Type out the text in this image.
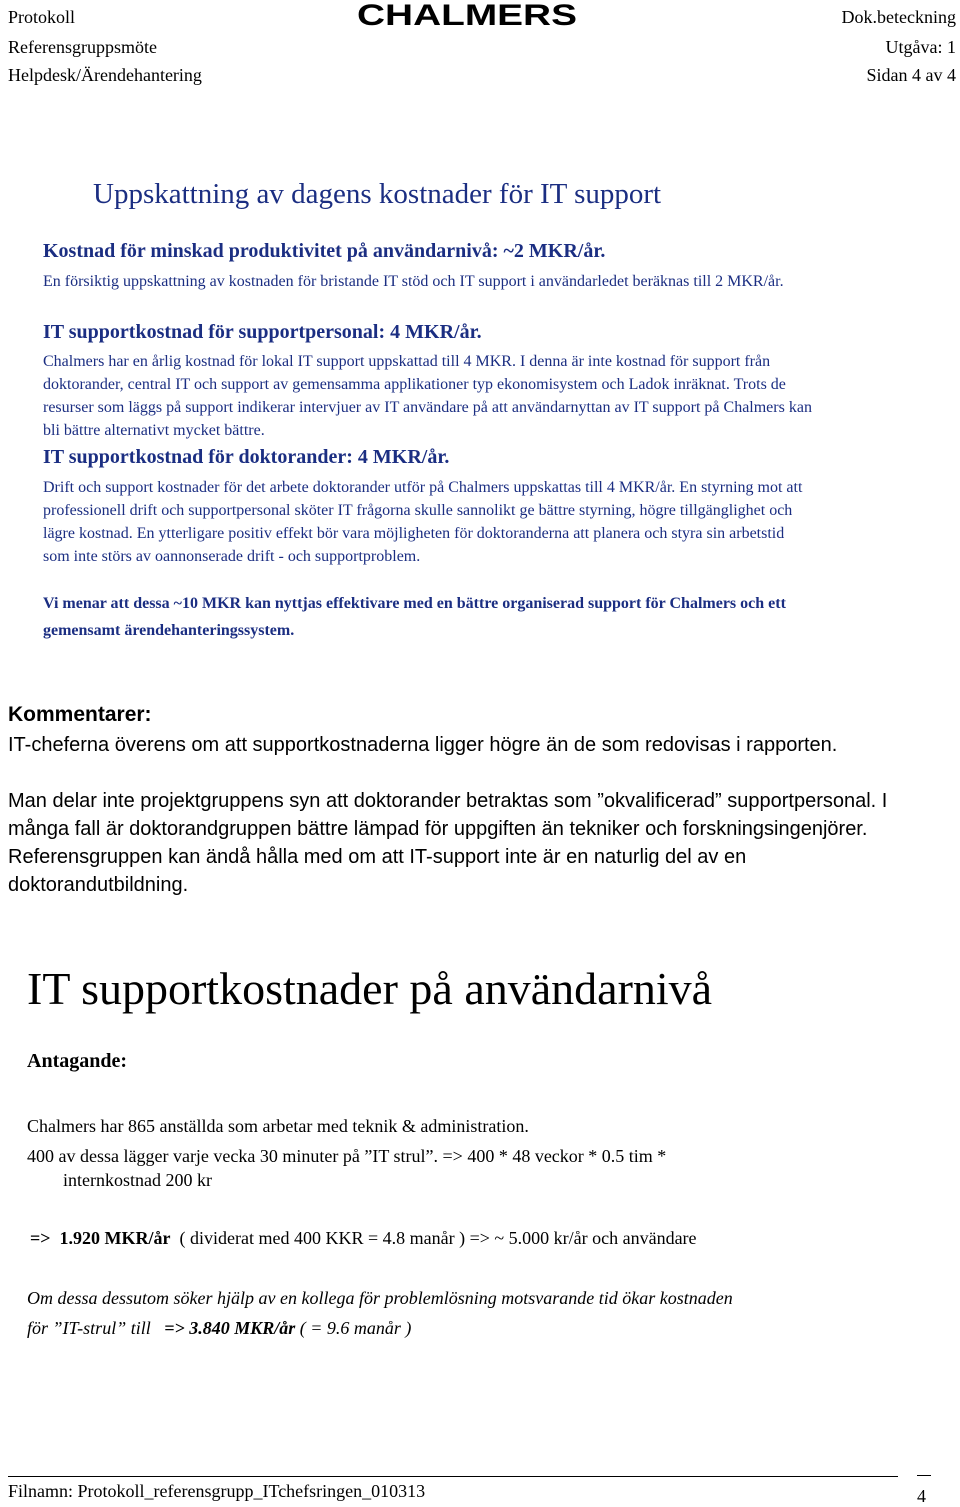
Protokoll
Referensgruppsmöte
Helpdesk/Ärendehantering
CHALMERS	Dok.beteckning
Utgåva: 1
Sidan 4 av 4
Uppskattning av dagens kostnader för IT support
Kostnad för minskad produktivitet på användarnivå: ~2 MKR/år.
En försiktig uppskattning av kostnaden för bristande IT stöd och IT support i användarledet beräknas till 2 MKR/år.
IT supportkostnad för supportpersonal: 4 MKR/år.
Chalmers har en årlig kostnad för lokal IT support uppskattad till 4 MKR. I denna är inte kostnad för support från doktorander, central IT och support av gemensamma applikationer typ ekonomisystem och Ladok inräknat. Trots de resurser som läggs på support indikerar intervjuer av IT användare på att användarnyttan av IT support på Chalmers kan bli bättre alternativt mycket bättre.
IT supportkostnad för doktorander: 4 MKR/år.
Drift och support kostnader för det arbete doktorander utför på Chalmers uppskattas till 4 MKR/år. En styrning mot att professionell drift och supportpersonal sköter IT frågorna skulle sannolikt ge bättre styrning, högre tillgänglighet och lägre kostnad. En ytterligare positiv effekt bör vara möjligheten för doktoranderna att planera och styra sin arbetstid som inte störs av oannonserade drift - och supportproblem.
Vi menar att dessa ~10 MKR kan nyttjas effektivare med en bättre organiserad support för Chalmers och ett gemensamt ärendehanteringssystem.
Kommentarer:
IT-cheferna överens om att supportkostnaderna ligger högre än de som redovisas i rapporten.
Man delar inte projektgruppens syn att doktorander betraktas som ”okvalificerad” supportpersonal. I många fall är doktorandgruppen bättre lämpad för uppgiften än tekniker och forskningsingenjörer. Referensgruppen kan ändå hålla med om att IT-support inte är en naturlig del av en doktorandutbildning.
IT supportkostnader på användarnivå
Antagande:
Chalmers har 865 anställda som arbetar med teknik & administration.
400 av dessa lägger varje vecka 30 minuter på ”IT strul”. => 400 * 48 veckor * 0.5 tim *
internkostnad 200 kr
=> 1.920 MKR/år ( dividerat med 400 KKR = 4.8 manår ) => ~ 5.000 kr/år och användare
Om dessa dessutom söker hjälp av en kollega för problemlösning motsvarande tid ökar kostnaden
för ”IT-strul” till => 3.840 MKR/år ( = 9.6 manår )
Filnamn: Protokoll_referensgrupp_ITchefsringen_010313	4
